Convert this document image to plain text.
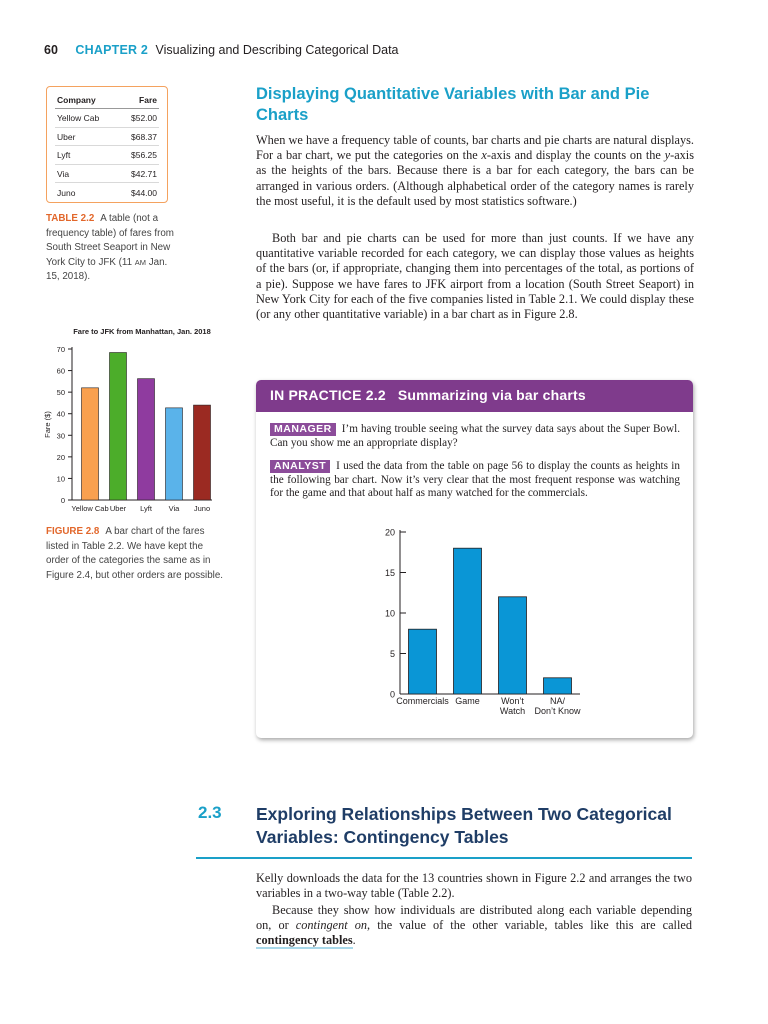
60 CHAPTER 2 Visualizing and Describing Categorical Data
Company	Fare
Yellow Cab	$52.00
Uber	$68.37
Lyft	$56.25
Via	$42.71
Juno	$44.00
TABLE 2.2 A table (not a frequency table) of fares from South Street Seaport in New York City to JFK (11 AM Jan. 15, 2018).
Fare to JFK from Manhattan, Jan. 2018
0
10
20
30
40
50
60
70
Fare ($)
Yellow Cab Uber Lyft Via Juno
FIGURE 2.8 A bar chart of the fares listed in Table 2.2. We have kept the order of the categories the same as in Figure 2.4, but other orders are possible.
Displaying Quantitative Variables with Bar and Pie Charts

When we have a frequency table of counts, bar charts and pie charts are natural displays. For a bar chart, we put the categories on the x-axis and display the counts on the y-axis as the heights of the bars. Because there is a bar for each category, the bars can be arranged in various orders. (Although alphabetical order of the category names is rarely the most useful, it is the default used by most statistics software.)

Both bar and pie charts can be used for more than just counts. If we have any quantitative variable recorded for each category, we can display those values as heights of the bars (or, if appropriate, changing them into percentages of the total, as portions of a pie). Suppose we have fares to JFK airport from a location (South Street Seaport) in New York City for each of the five companies listed in Table 2.1. We could display these (or any other quantitative variable) in a bar chart as in Figure 2.8.

IN PRACTICE 2.2 Summarizing via bar charts

MANAGER I’m having trouble seeing what the survey data says about the Super Bowl. Can you show me an appropriate display?

ANALYST I used the data from the table on page 56 to display the counts as heights in the following bar chart. Now it’s very clear that the most frequent response was watching for the game and that about half as many watched for the commercials.

0
5
10
15
20
Commercials Game Won’t
Watch
NA/
Don’t Know
2.3 Exploring Relationships Between Two Categorical Variables: Contingency Tables

Kelly downloads the data for the 13 countries shown in Figure 2.2 and arranges the two variables in a two-way table (Table 2.2).

Because they show how individuals are distributed along each variable depending on, or contingent on, the value of the other variable, tables like this are called contingency tables.
